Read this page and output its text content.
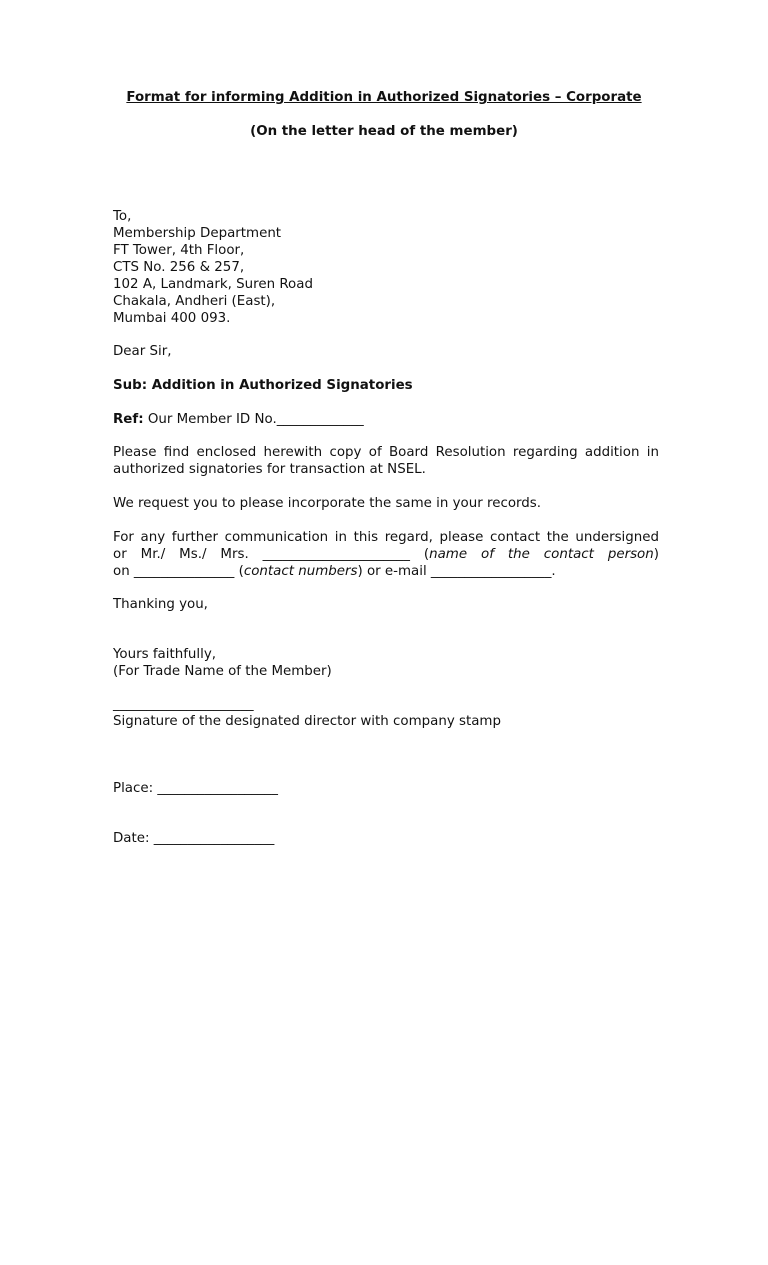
Format for informing Addition in Authorized Signatories – Corporate

(On the letter head of the member)

To,
Membership Department
FT Tower, 4th Floor,
CTS No. 256 & 257,
102 A, Landmark, Suren Road
Chakala, Andheri (East),
Mumbai 400 093.
Dear Sir,
Sub: Addition in Authorized Signatories
Ref: Our Member ID No._____________
Please find enclosed herewith copy of Board Resolution regarding addition in authorized signatories for transaction at NSEL.
We request you to please incorporate the same in your records.
For any further communication in this regard, please contact the undersigned
or Mr./ Ms./ Mrs. ______________________ (name of the contact person)
on _______________ (contact numbers) or e-mail __________________.
Thanking you,
Yours faithfully,
(For Trade Name of the Member)
_____________________
Signature of the designated director with company stamp
Place: __________________
Date: __________________
